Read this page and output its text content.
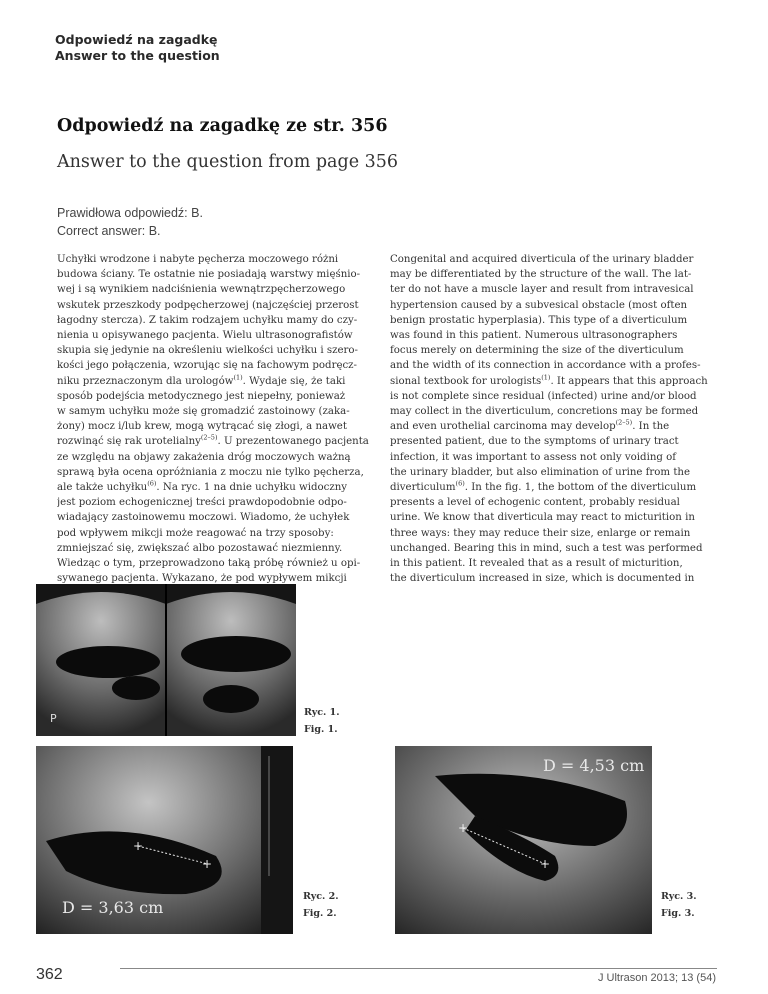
Odpowiedź na zagadkę
Answer to the question
Odpowiedź na zagadkę ze str. 356
Answer to the question from page 356
Prawidłowa odpowiedź: B.
Correct answer: B.
Uchyłki wrodzone i nabyte pęcherza moczowego różni
budowa ściany. Te ostatnie nie posiadają warstwy mięśnio-
wej i są wynikiem nadciśnienia wewnątrzpęcherzowego
wskutek przeszkody podpęcherzowej (najczęściej przerost
łagodny stercza). Z takim rodzajem uchyłku mamy do czy-
nienia u opisywanego pacjenta. Wielu ultrasonografistów
skupia się jedynie na określeniu wielkości uchyłku i szero-
kości jego połączenia, wzorując się na fachowym podręcz-
niku przeznaczonym dla urologów$^{(1)}$. Wydaje się, że taki
sposób podejścia metodycznego jest niepełny, ponieważ
w samym uchyłku może się gromadzić zastoinowy (zaka-
żony) mocz i/lub krew, mogą wytrącać się złogi, a nawet
rozwinąć się rak urotelialny$^{(2-5)}$. U prezentowanego pacjenta
ze względu na objawy zakażenia dróg moczowych ważną
sprawą była ocena opróżniania z moczu nie tylko pęcherza,
ale także uchyłku$^{(6)}$. Na ryc. 1 na dnie uchyłku widoczny
jest poziom echogenicznej treści prawdopodobnie odpo-
wiadający zastoinowemu moczowi. Wiadomo, że uchyłek
pod wpływem mikcji może reagować na trzy sposoby:
zmniejszać się, zwiększać albo pozostawać niezmienny.
Wiedząc o tym, przeprowadzono taką próbę również u opi-
sywanego pacjenta. Wykazano, że pod wypływem mikcji
Congenital and acquired diverticula of the urinary bladder
may be differentiated by the structure of the wall. The lat-
ter do not have a muscle layer and result from intravesical
hypertension caused by a subvesical obstacle (most often
benign prostatic hyperplasia). This type of a diverticulum
was found in this patient. Numerous ultrasonographers
focus merely on determining the size of the diverticulum
and the width of its connection in accordance with a profes-
sional textbook for urologists$^{(1)}$. It appears that this approach
is not complete since residual (infected) urine and/or blood
may collect in the diverticulum, concretions may be formed
and even urothelial carcinoma may develop$^{(2-5)}$. In the
presented patient, due to the symptoms of urinary tract
infection, it was important to assess not only voiding of
the urinary bladder, but also elimination of urine from the
diverticulum$^{(6)}$. In the fig. 1, the bottom of the diverticulum
presents a level of echogenic content, probably residual
urine. We know that diverticula may react to micturition in
three ways: they may reduce their size, enlarge or remain
unchanged. Bearing this in mind, such a test was performed
in this patient. It revealed that as a result of micturition,
the diverticulum increased in size, which is documented in
P	Ryc. 1.
Fig. 1.
+
+
D = 3,63 cm
Ryc. 2.
Fig. 2.
+
+
D = 4,53 cm
Ryc. 3.
Fig. 3.
362	J Ultrason 2013; 13 (54)
